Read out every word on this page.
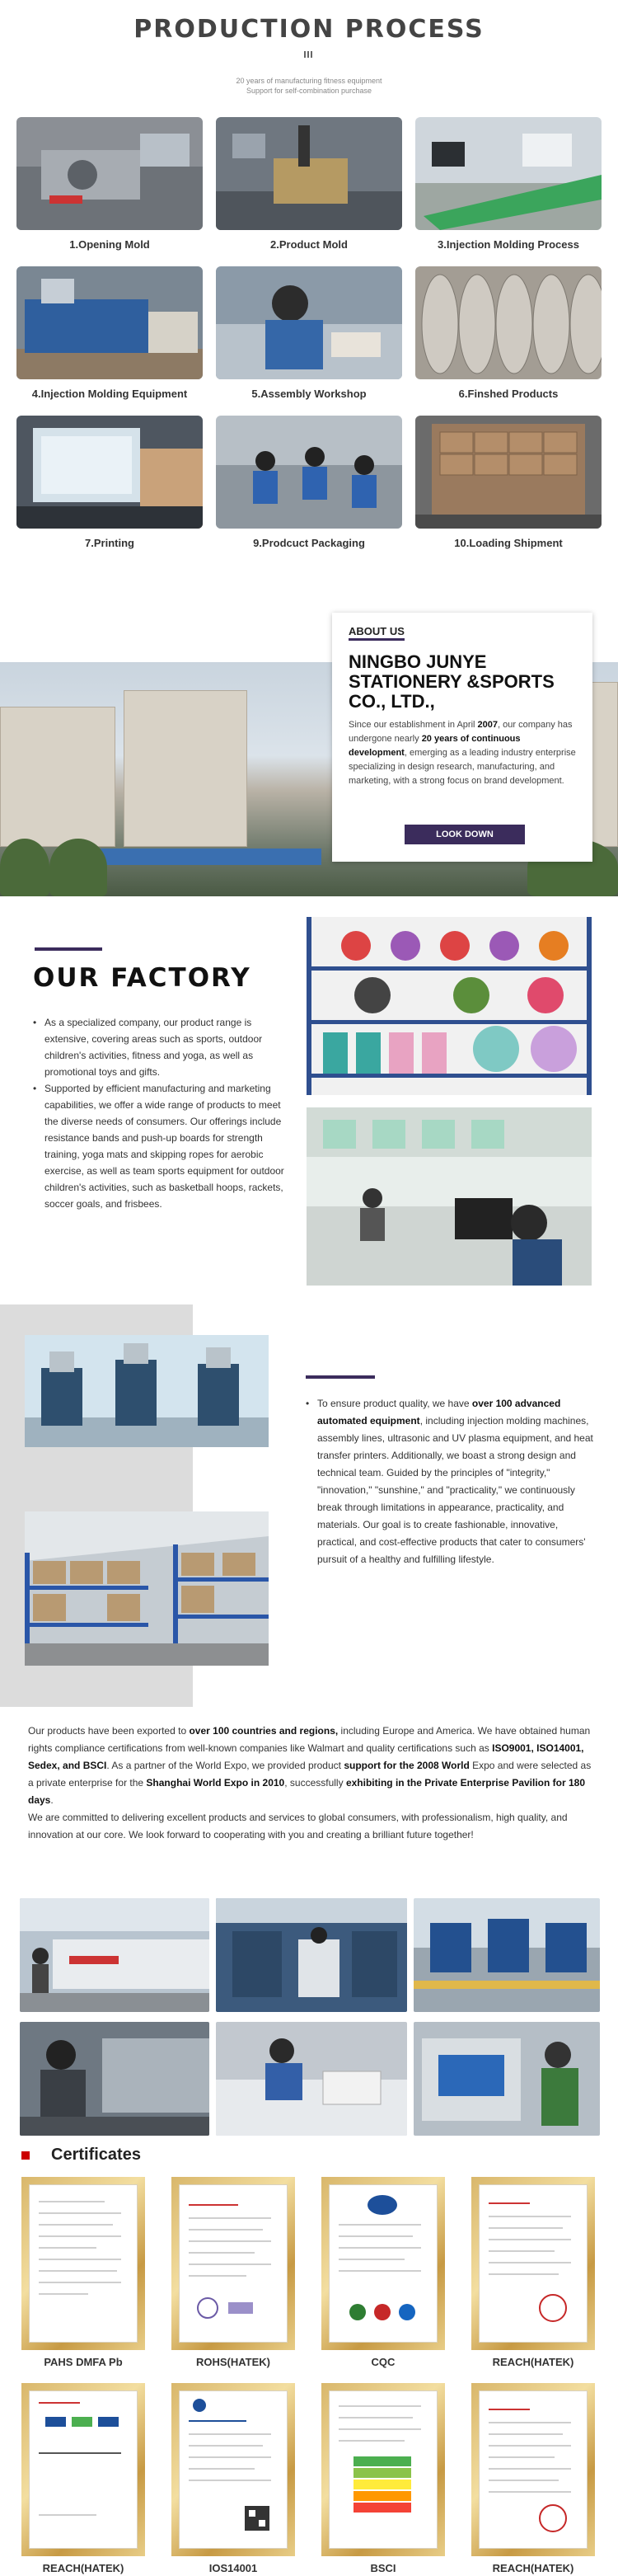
PRODUCTION PROCESS
20 years of manufacturing fitness equipment
Support for self-combination purchase
1.Opening Mold	2.Product Mold	3.Injection Molding Process
4.Injection Molding Equipment	5.Assembly Workshop	6.Finshed Products
7.Printing	9.Prodcuct Packaging	10.Loading Shipment
ABOUT US
NINGBO JUNYE STATIONERY &SPORTS CO., LTD.,

Since our establishment in April 2007, our company has undergone nearly 20 years of continuous development, emerging as a leading industry enterprise specializing in design research, manufacturing, and marketing, with a strong focus on brand development.

LOOK DOWN
OUR FACTORY
• As a specialized company, our product range is extensive, covering areas such as sports, outdoor children's activities, fitness and yoga, as well as promotional toys and gifts.
• Supported by efficient manufacturing and marketing capabilities, we offer a wide range of products to meet the diverse needs of consumers. Our offerings include resistance bands and push-up boards for strength training, yoga mats and skipping ropes for aerobic exercise, as well as team sports equipment for outdoor children's activities, such as basketball hoops, rackets, soccer goals, and frisbees.

• To ensure product quality, we have over 100 advanced automated equipment, including injection molding machines, assembly lines, ultrasonic and UV plasma equipment, and heat transfer printers. Additionally, we boast a strong design and technical team. Guided by the principles of "integrity," "innovation," "sunshine," and "practicality," we continuously break through limitations in appearance, practicality, and materials. Our goal is to create fashionable, innovative, practical, and cost-effective products that cater to consumers' pursuit of a healthy and fulfilling lifestyle.

Our products have been exported to over 100 countries and regions, including Europe and America. We have obtained human rights compliance certifications from well-known companies like Walmart and quality certifications such as ISO9001, ISO14001, Sedex, and BSCI. As a partner of the World Expo, we provided product support for the 2008 World Expo and were selected as a private enterprise for the Shanghai World Expo in 2010, successfully exhibiting in the Private Enterprise Pavilion for 180 days.

We are committed to delivering excellent products and services to global consumers, with professionalism, high quality, and innovation at our core. We look forward to cooperating with you and creating a brilliant future together!

Certificates
PAHS DMFA Pb	ROHS(HATEK)	CQC	REACH(HATEK)
REACH(HATEK)	IOS14001	BSCI	REACH(HATEK)
